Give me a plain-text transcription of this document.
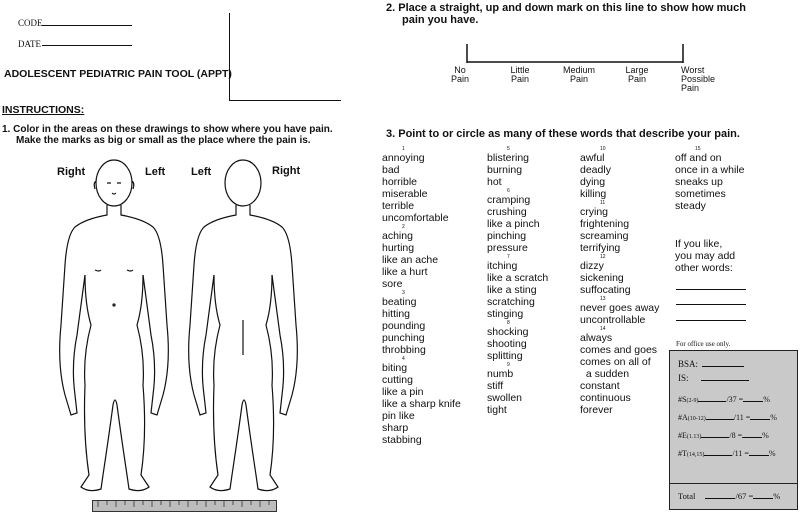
CODE
DATE
ADOLESCENT PEDIATRIC PAIN TOOL (APPT)
INSTRUCTIONS:
1. Color in the areas on these drawings to show where you have pain.
Make the marks as big or small as the place where the pain is.
Right	Left Left	Right
2. Place a straight, up and down mark on this line to show how much
pain you have.
No
Pain
Little
Pain
Medium
Pain
Large
Pain
Worst
Possible
Pain
3. Point to or circle as many of these words that describe your pain.
1
annoying
bad
horrible
miserable
terrible
uncomfortable
2
aching
hurting
like an ache
like a hurt
sore
3
beating
hitting
pounding
punching
throbbing
4
biting
cutting
like a pin
like a sharp knife
pin like
sharp
stabbing
5
blistering
burning
hot
6
cramping
crushing
like a pinch
pinching
pressure
7
itching
like a scratch
like a sting
scratching
stinging
8
shocking
shooting
splitting
9
numb
stiff
swollen
tight
10
awful
deadly
dying
killing
11
crying
frightening
screaming
terrifying
12
dizzy
sickening
suffocating
13
never goes away
uncontrollable
14
always
comes and goes
comes on all of
a sudden
constant
continuous
forever
15
off and on
once in a while
sneaks up
sometimes
steady
If you like,
you may add
other words:
For office use only.
BSA:
IS:
#S(2-9)	/37 =	%
#A(10-12)	/11 =	%
#E(1.13)	/8 =	%
#T(14,15)	/11 =	%
Total	/67 = %
